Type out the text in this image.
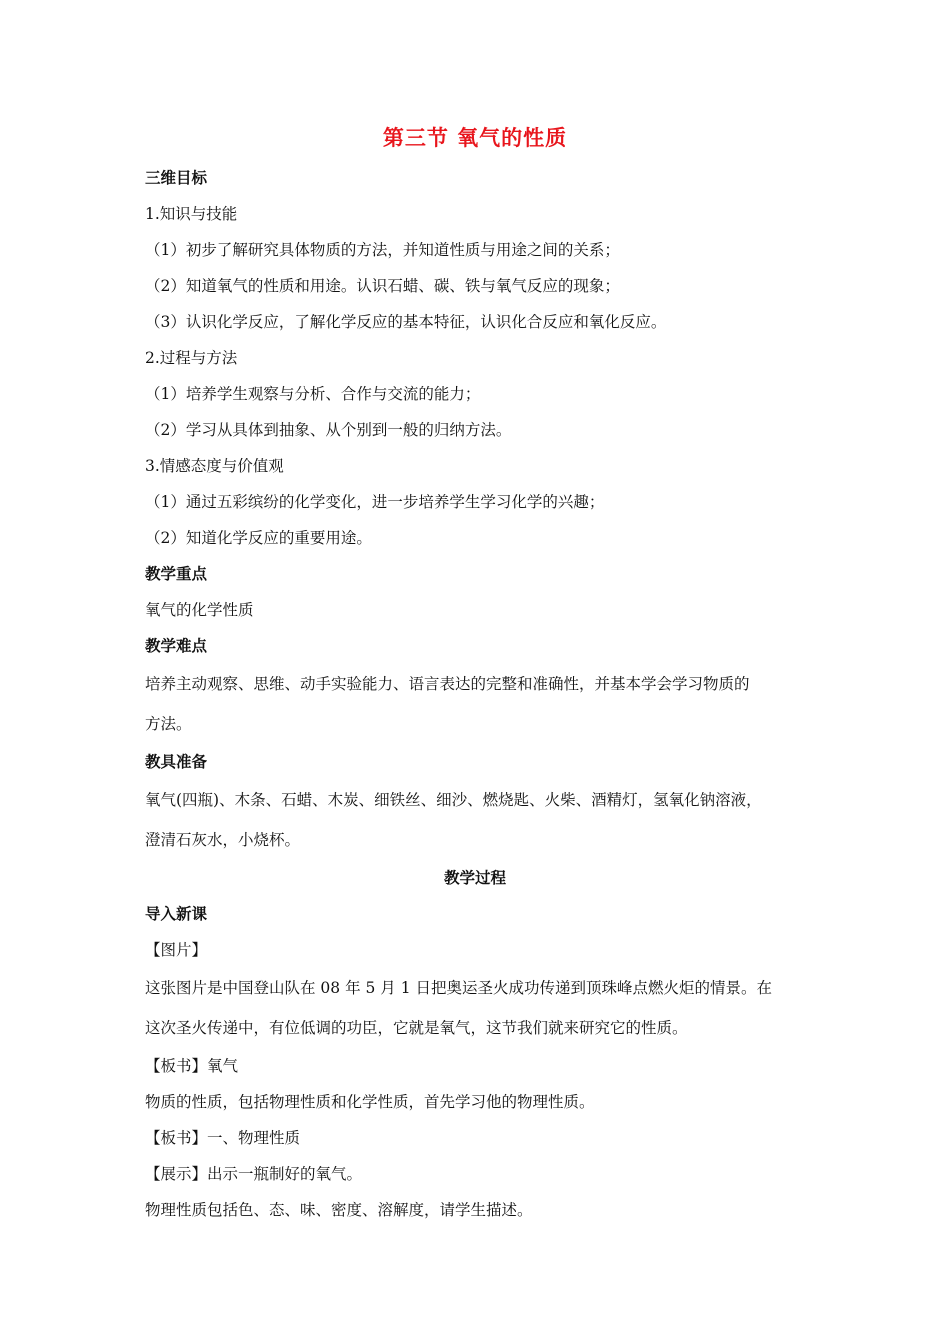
第三节 氧气的性质
三维目标
1.知识与技能
（1）初步了解研究具体物质的方法，并知道性质与用途之间的关系；
（2）知道氧气的性质和用途。认识石蜡、碳、铁与氧气反应的现象；
（3）认识化学反应，了解化学反应的基本特征，认识化合反应和氧化反应。
2.过程与方法
（1）培养学生观察与分析、合作与交流的能力；
（2）学习从具体到抽象、从个别到一般的归纳方法。
3.情感态度与价值观
（1）通过五彩缤纷的化学变化，进一步培养学生学习化学的兴趣；
（2）知道化学反应的重要用途。
教学重点
氧气的化学性质
教学难点
培养主动观察、思维、动手实验能力、语言表达的完整和准确性，并基本学会学习物质的
方法。
教具准备
氧气(四瓶)、木条、石蜡、木炭、细铁丝、细沙、燃烧匙、火柴、酒精灯，氢氧化钠溶液，
澄清石灰水，小烧杯。
教学过程
导入新课
【图片】
这张图片是中国登山队在 08 年 5 月 1 日把奥运圣火成功传递到顶珠峰点燃火炬的情景。在
这次圣火传递中，有位低调的功臣，它就是氧气，这节我们就来研究它的性质。
【板书】氧气
物质的性质，包括物理性质和化学性质，首先学习他的物理性质。
【板书】一、物理性质
【展示】出示一瓶制好的氧气。
物理性质包括色、态、味、密度、溶解度，请学生描述。
